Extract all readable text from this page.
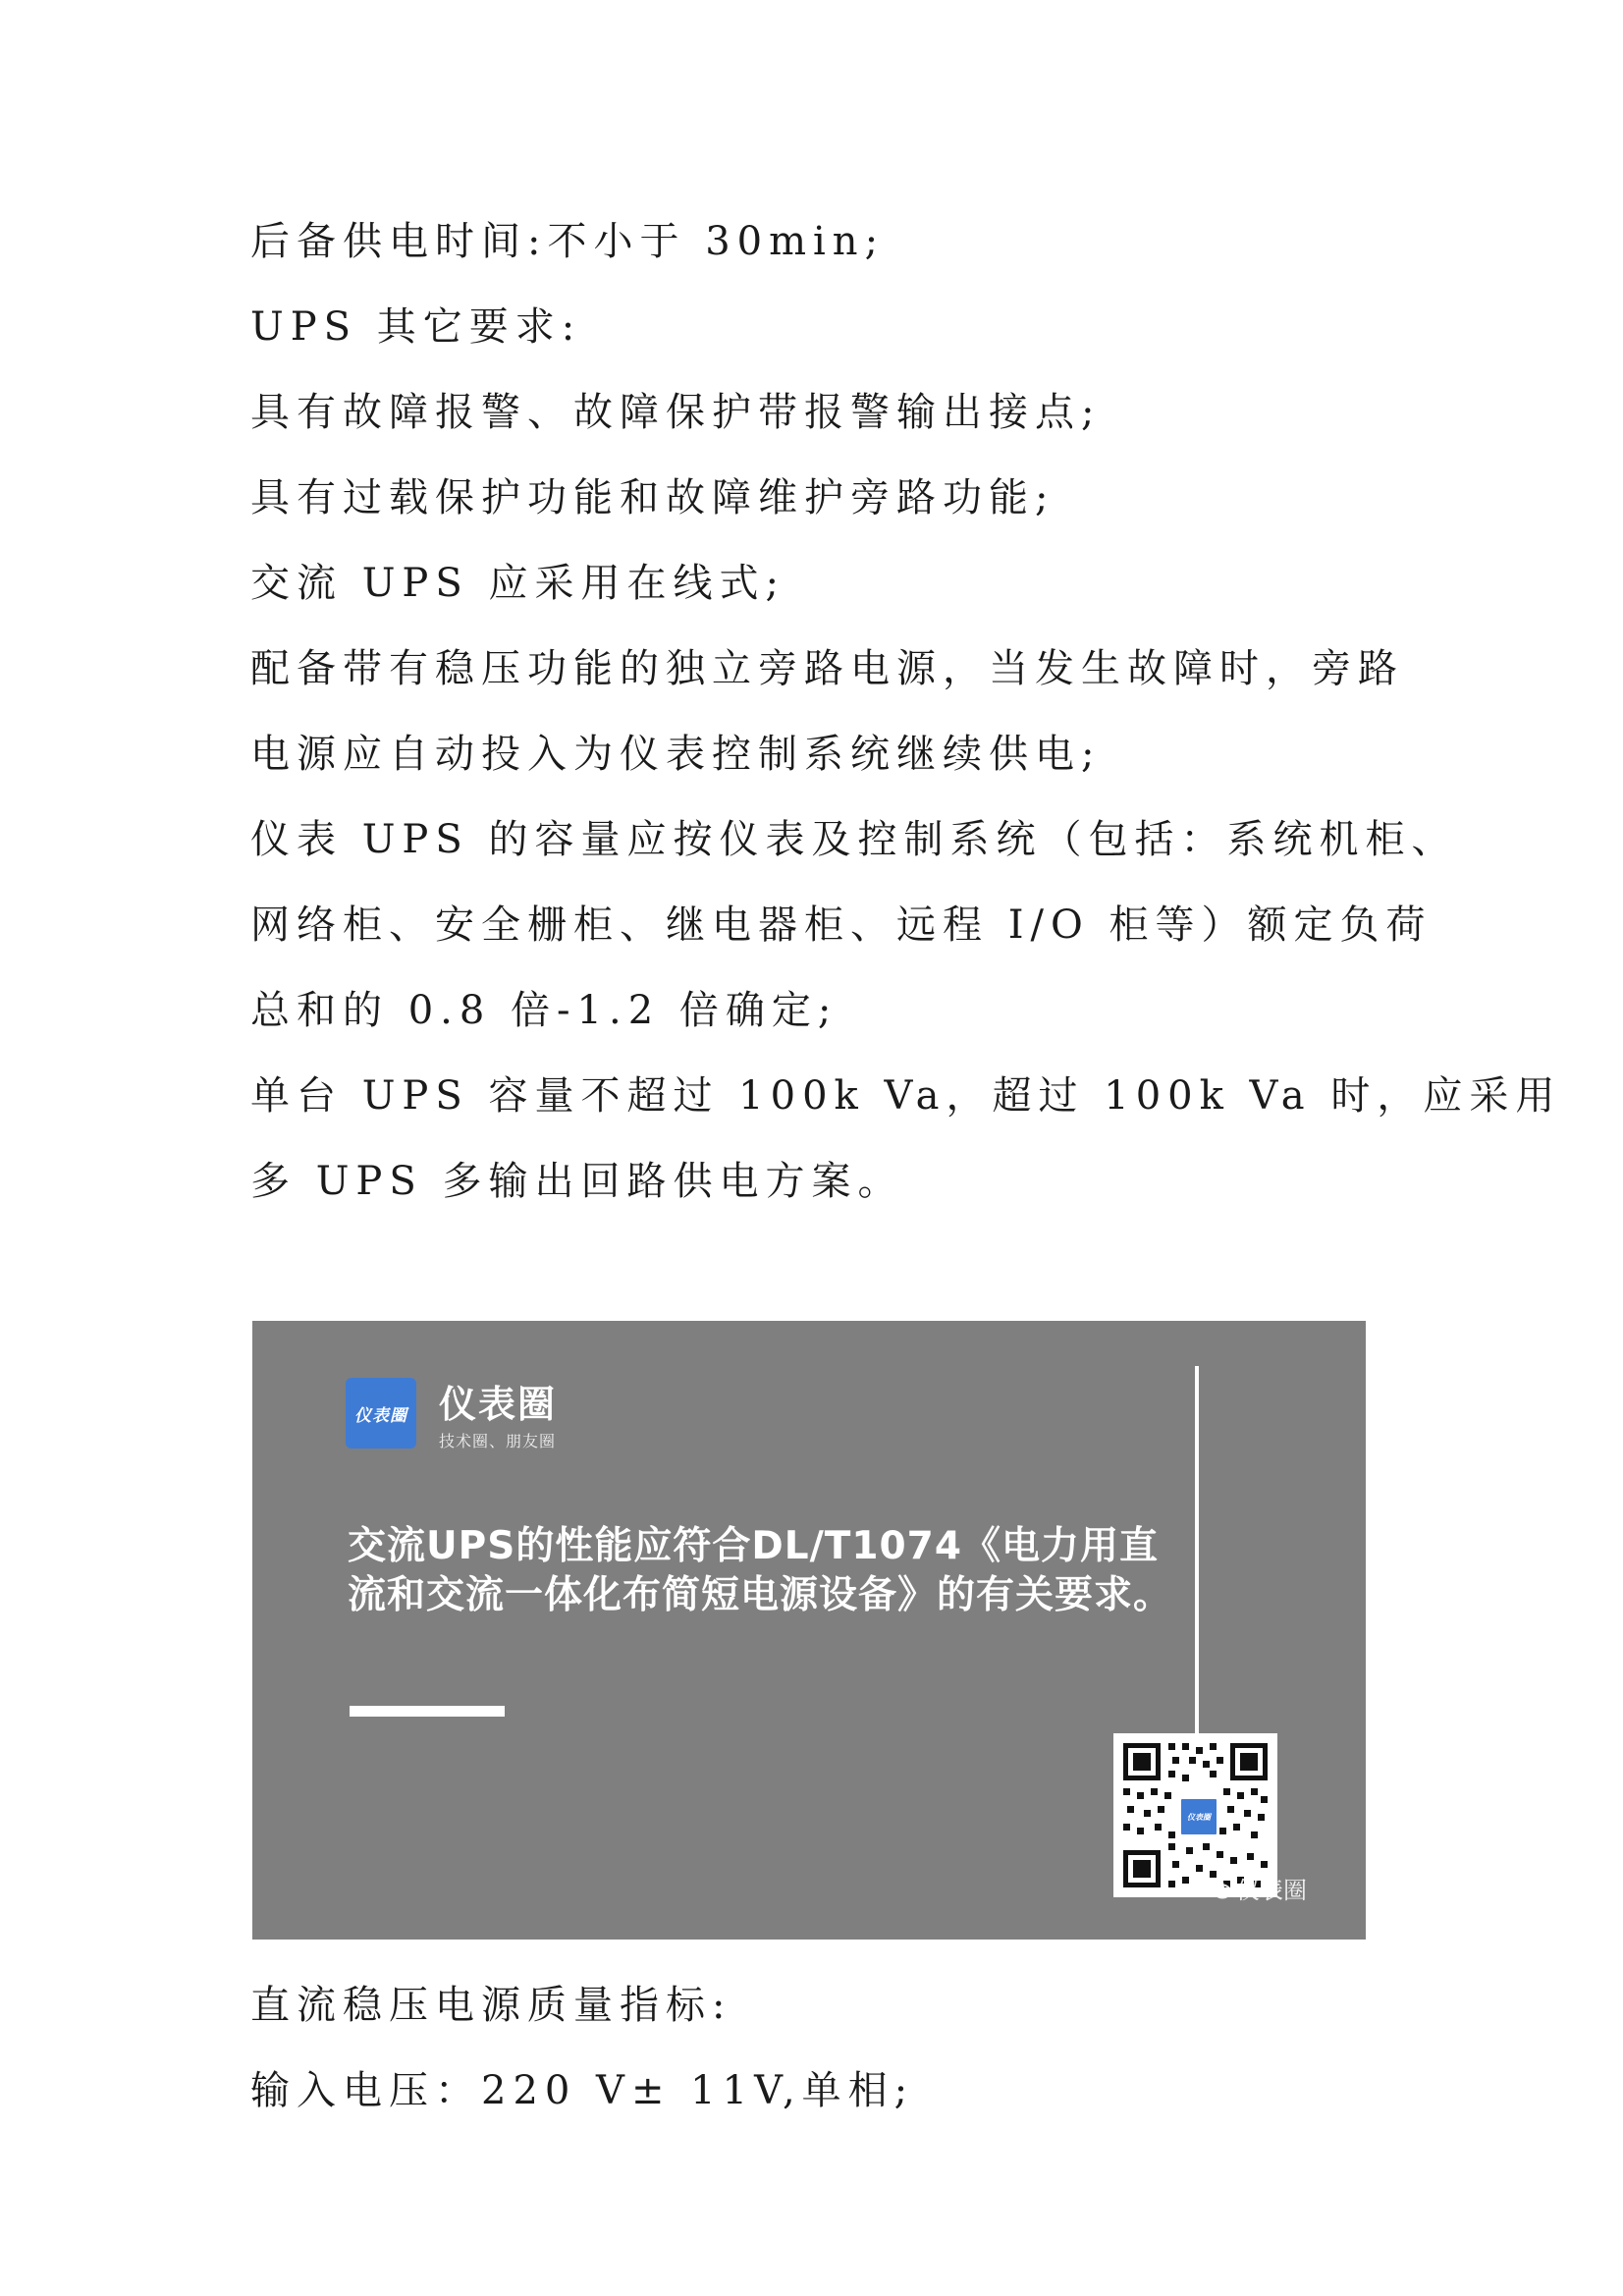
后备供电时间:不小于 30min;

UPS 其它要求:

具有故障报警、故障保护带报警输出接点;

具有过载保护功能和故障维护旁路功能;

交流 UPS 应采用在线式;

配备带有稳压功能的独立旁路电源，当发生故障时，旁路

电源应自动投入为仪表控制系统继续供电;

仪表 UPS 的容量应按仪表及控制系统（包括：系统机柜、

网络柜、安全栅柜、继电器柜、远程 I/O 柜等）额定负荷

总和的 0.8 倍-1.2 倍确定;

单台 UPS 容量不超过 100k Va，超过 100k Va 时，应采用

多 UPS 多输出回路供电方案。

仪表圈 仪表圈
技术圈、朋友圈
交流UPS的性能应符合DL/T1074《电力用直流和交流一体化布简短电源设备》的有关要求。
仪表圈
仪表圈

直流稳压电源质量指标:

输入电压：220 V± 11V,单相;
